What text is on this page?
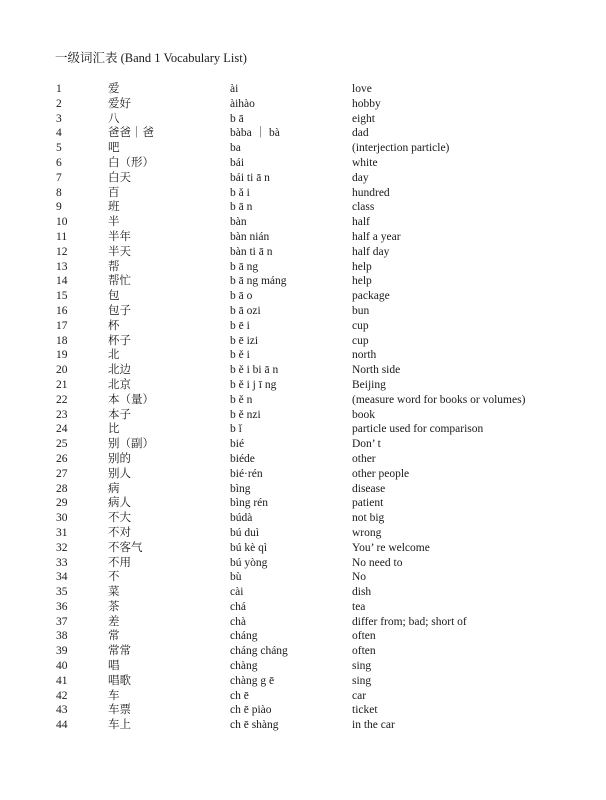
一级词汇表 (Band 1 Vocabulary List)
1	爱	ài	love
2	爱好	àihào	hobby
3	八	b ā	eight
4	爸爸｜爸	bàba ｜ bà	dad
5	吧	ba	(interjection particle)
6	白（形）	bái	white
7	白天	bái ti ā n	day
8	百	b ǎ i	hundred
9	班	b ā n	class
10	半	bàn	half
11	半年	bàn nián	half a year
12	半天	bàn ti ā n	half day
13	帮	b ā ng	help
14	帮忙	b ā ng máng	help
15	包	b ā o	package
16	包子	b ā ozi	bun
17	杯	b ē i	cup
18	杯子	b ē izi	cup
19	北	b ě i	north
20	北边	b ě i bi ā n	North side
21	北京	b ě i j ī ng	Beijing
22	本（量）	b ě n	(measure word for books or volumes)
23	本子	b ě nzi	book
24	比	b ǐ	particle used for comparison
25	别（副）	bié	Don’ t
26	别的	biéde	other
27	别人	bié·rén	other people
28	病	bìng	disease
29	病人	bìng rén	patient
30	不大	búdà	not big
31	不对	bú duì	wrong
32	不客气	bú kè qì	You’ re welcome
33	不用	bú yòng	No need to
34	不	bù	No
35	菜	cài	dish
36	茶	chá	tea
37	差	chà	differ from; bad; short of
38	常	cháng	often
39	常常	cháng cháng	often
40	唱	chàng	sing
41	唱歌	chàng g ē	sing
42	车	ch ē	car
43	车票	ch ē piào	ticket
44	车上	ch ē shàng	in the car
